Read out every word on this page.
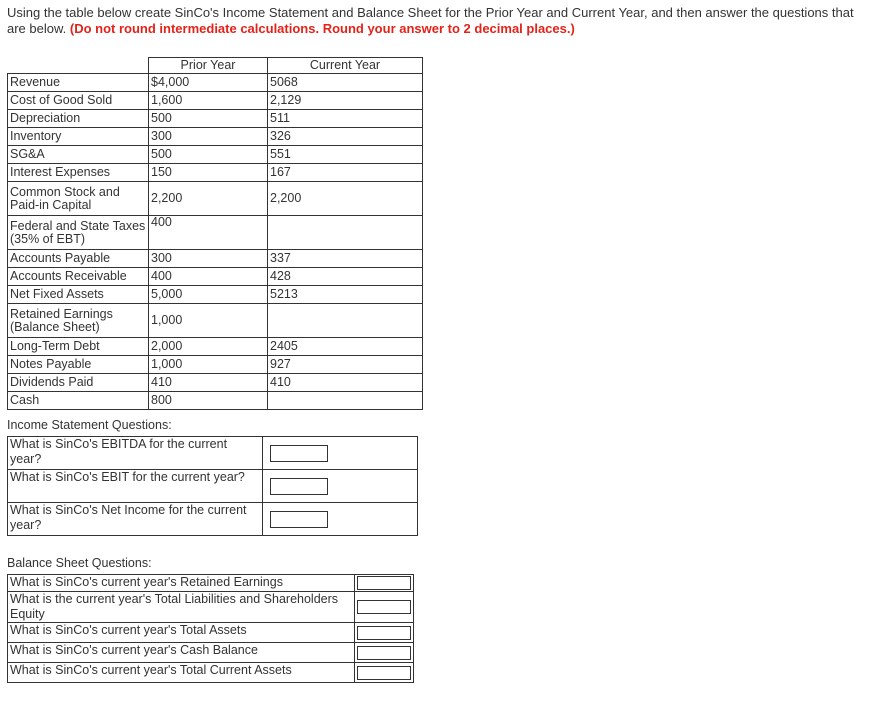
Using the table below create SinCo's Income Statement and Balance Sheet for the Prior Year and Current Year, and then answer the questions that are below. (Do not round intermediate calculations. Round your answer to 2 decimal places.)
	Prior Year	Current Year
Revenue	$4,000	5068
Cost of Good Sold	1,600	2,129
Depreciation	500	511
Inventory	300	326
SG&A	500	551
Interest Expenses	150	167
Common Stock and Paid-in Capital	2,200	2,200
Federal and State Taxes (35% of EBT)	400	
Accounts Payable	300	337
Accounts Receivable	400	428
Net Fixed Assets	5,000	5213
Retained Earnings (Balance Sheet)	1,000	
Long-Term Debt	2,000	2405
Notes Payable	1,000	927
Dividends Paid	410	410
Cash	800	
Income Statement Questions:
What is SinCo's EBITDA for the current year?	

What is SinCo's EBIT for the current year?	

What is SinCo's Net Income for the current year?	
Balance Sheet Questions:
What is SinCo's current year's Retained Earnings	

What is the current year's Total Liabilities and Shareholders Equity	

What is SinCo's current year's Total Assets	

What is SinCo's current year's Cash Balance	

What is SinCo's current year's Total Current Assets	
